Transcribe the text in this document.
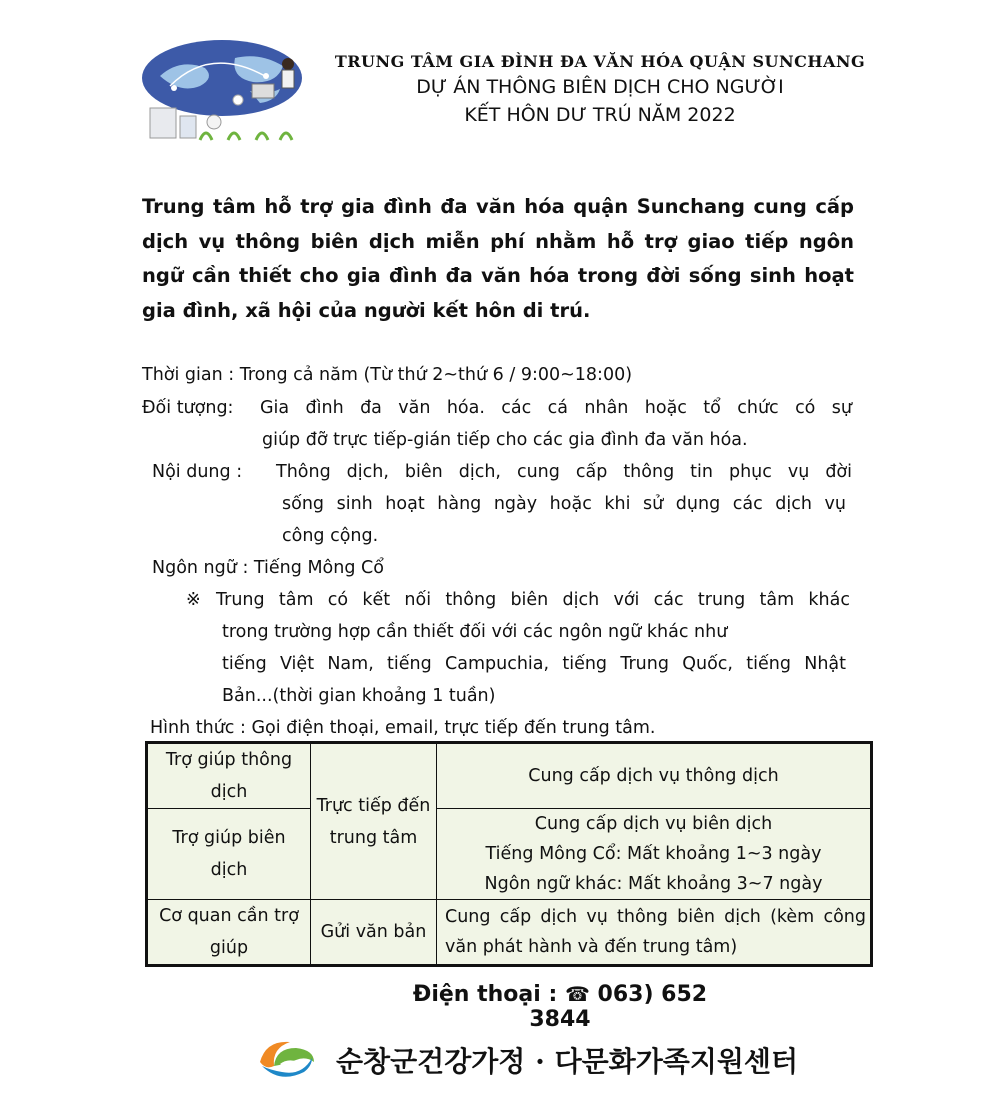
TRUNG TÂM GIA ĐÌNH ĐA VĂN HÓA QUẬN SUNCHANG
DỰ ÁN THÔNG BIÊN DỊCH CHO NGƯỜI
KẾT HÔN DƯ TRÚ NĂM 2022
Trung tâm hỗ trợ gia đình đa văn hóa quận Sunchang cung cấp
dịch vụ thông biên dịch miễn phí nhằm hỗ trợ giao tiếp ngôn
ngữ cần thiết cho gia đình đa văn hóa trong đời sống sinh hoạt
gia đình, xã hội của người kết hôn di trú.
Thời gian : Trong cả năm (Từ thứ 2~thứ 6 / 9:00~18:00)
Đối tượng: Gia đình đa văn hóa. các cá nhân hoặc tổ chức có sự
giúp đỡ trực tiếp-gián tiếp cho các gia đình đa văn hóa.
Nội dung : Thông dịch, biên dịch, cung cấp thông tin phục vụ đời
sống sinh hoạt hàng ngày hoặc khi sử dụng các dịch vụ
công cộng.
Ngôn ngữ : Tiếng Mông Cổ
※ Trung tâm có kết nối thông biên dịch với các trung tâm khác
trong trường hợp cần thiết đối với các ngôn ngữ khác như
tiếng Việt Nam, tiếng Campuchia, tiếng Trung Quốc, tiếng Nhật
Bản...(thời gian khoảng 1 tuần)
Hình thức : Gọi điện thoại, email, trực tiếp đến trung tâm.
Trợ giúp thông dịch	Trực tiếp đến trung tâm	Cung cấp dịch vụ thông dịch
Trợ giúp biên dịch		Cung cấp dịch vụ biên dịch
Tiếng Mông Cổ: Mất khoảng 1~3 ngày
Ngôn ngữ khác: Mất khoảng 3~7 ngày

Cơ quan cần trợ giúp	Gửi văn bản	Cung cấp dịch vụ thông biên dịch (kèm công văn phát hành và đến trung tâm)
Điện thoại : ☎ 063) 652 3844
순창군건강가정 · 다문화가족지원센터
